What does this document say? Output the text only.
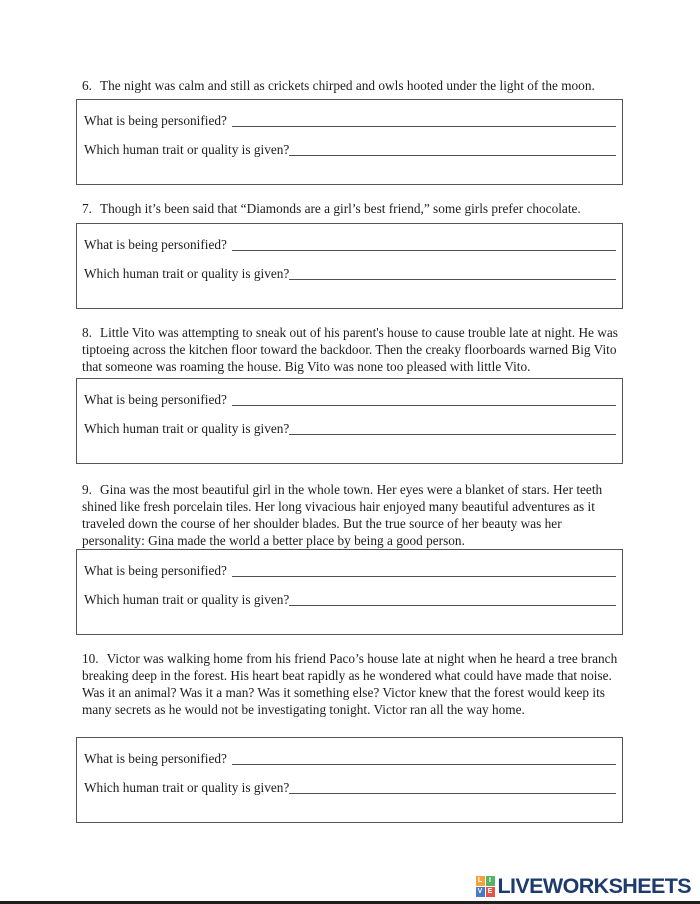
6. The night was calm and still as crickets chirped and owls hooted under the light of the moon.
What is being personified?
Which human trait or quality is given?
7. Though it’s been said that “Diamonds are a girl’s best friend,” some girls prefer chocolate.
What is being personified?
Which human trait or quality is given?
8. Little Vito was attempting to sneak out of his parent's house to cause trouble late at night. He was tiptoeing across the kitchen floor toward the backdoor. Then the creaky floorboards warned Big Vito that someone was roaming the house. Big Vito was none too pleased with little Vito.
What is being personified?
Which human trait or quality is given?
9. Gina was the most beautiful girl in the whole town. Her eyes were a blanket of stars. Her teeth shined like fresh porcelain tiles. Her long vivacious hair enjoyed many beautiful adventures as it traveled down the course of her shoulder blades. But the true source of her beauty was her personality: Gina made the world a better place by being a good person.
What is being personified?
Which human trait or quality is given?
10. Victor was walking home from his friend Paco’s house late at night when he heard a tree branch breaking deep in the forest. His heart beat rapidly as he wondered what could have made that noise. Was it an animal? Was it a man? Was it something else? Victor knew that the forest would keep its many secrets as he would not be investigating tonight. Victor ran all the way home.
What is being personified?
Which human trait or quality is given?
L I
V E LIVEWORKSHEETS
